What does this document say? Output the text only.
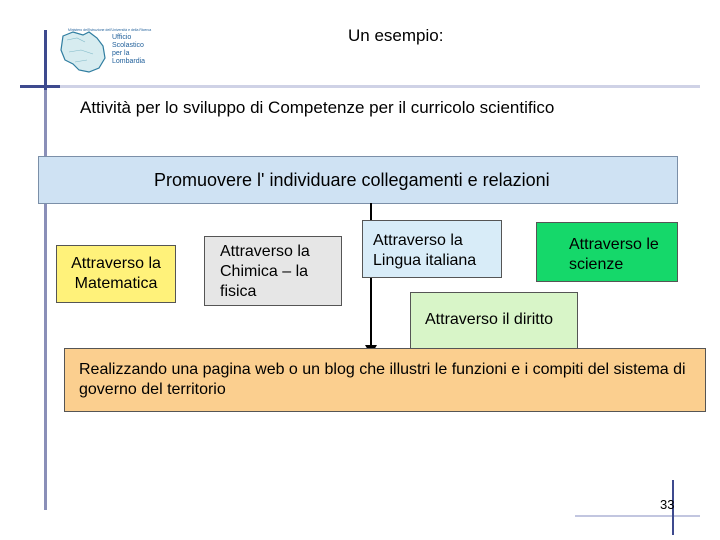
Ministero dell'Istruzione dell'Università e della Ricerca
Ufficio
Scolastico
per la
Lombardia
Un esempio:
Attività per lo sviluppo di Competenze per il curricolo scientifico
Promuovere l' individuare collegamenti e relazioni
Attraverso la Matematica
Attraverso la Chimica – la fisica
Attraverso la Lingua italiana
Attraverso le scienze
Attraverso il diritto
Realizzando una pagina web o un blog che illustri le funzioni e i compiti del sistema di governo del territorio
33
